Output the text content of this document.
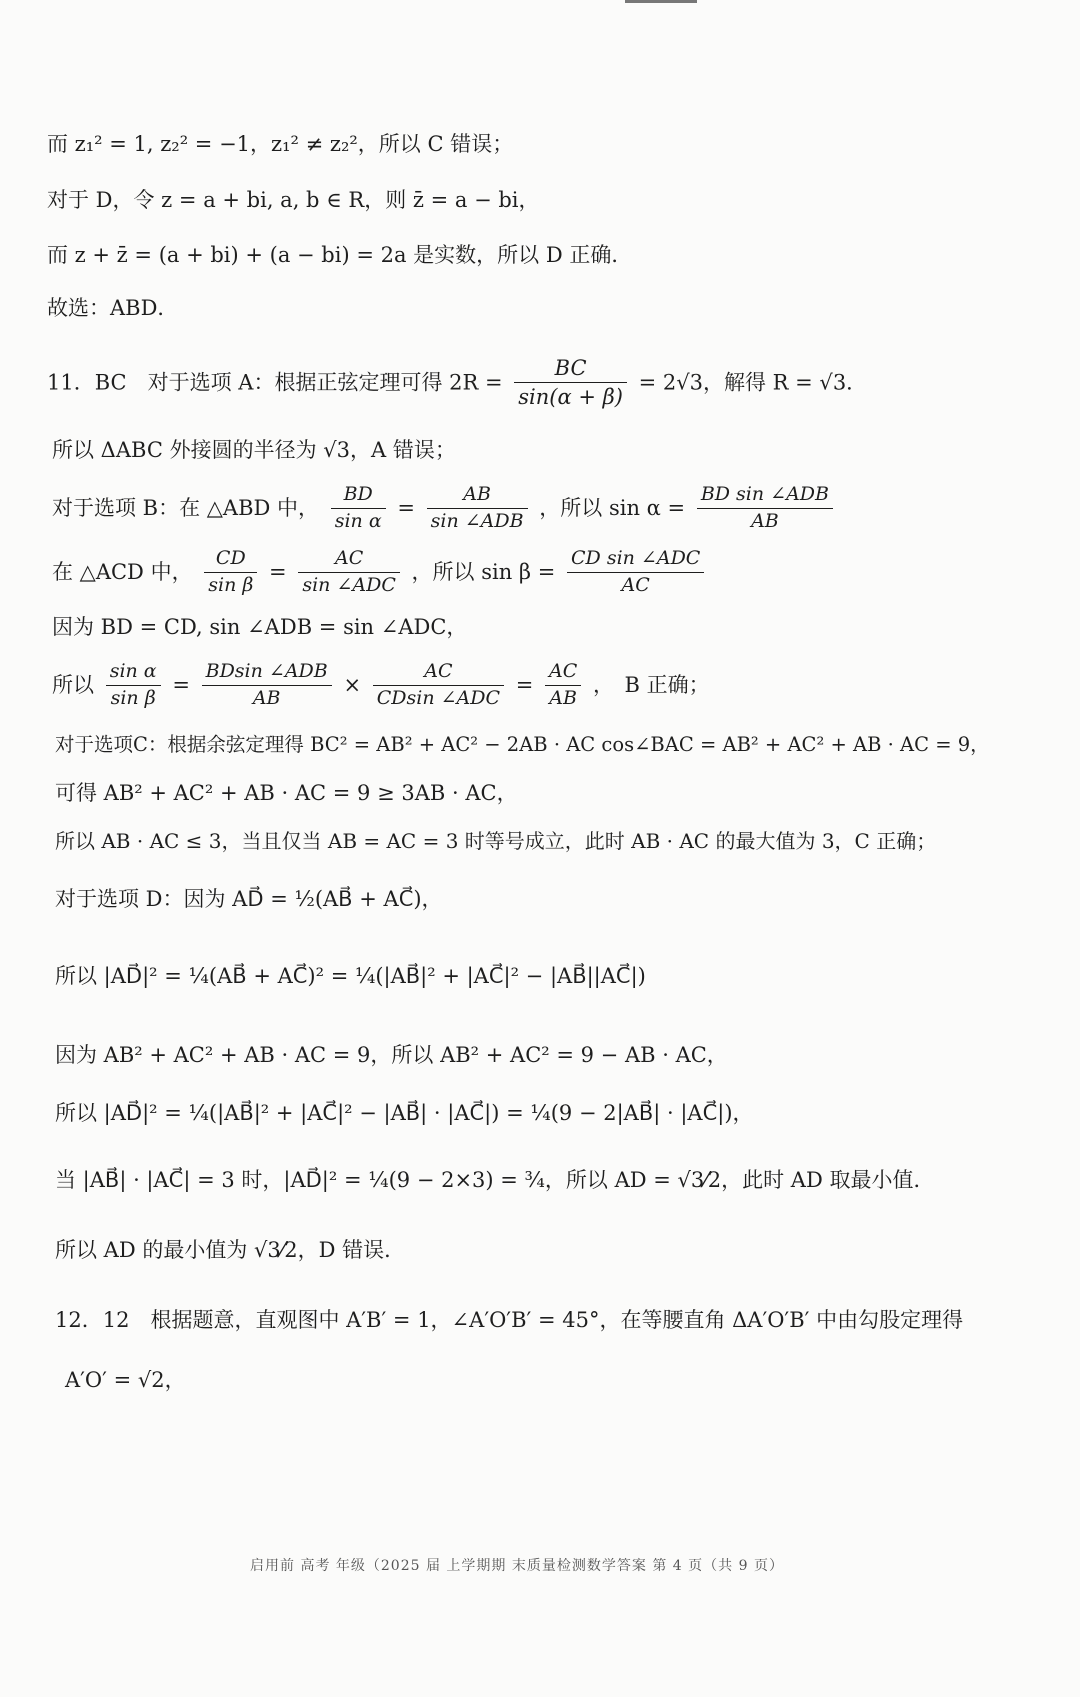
而 z₁² = 1, z₂² = −1，z₁² ≠ z₂²，所以 C 错误；
对于 D，令 z = a + bi, a, b ∈ R，则 z̄ = a − bi，
而 z + z̄ = (a + bi) + (a − bi) = 2a 是实数，所以 D 正确．
故选：ABD．
11．BC　对于选项 A：根据正弦定理可得 $2R = \frac{BC}{\sin(\alpha + \beta)} = 2√3$，解得 R = √3．
所以 ΔABC 外接圆的半径为 √3，A 错误；
对于选项 B：在 △ABD 中， $\frac{BD}{\text{sin α}} = \frac{AB}{\text{sin ∠ADB}}$ ，所以 $\sin \alpha = \frac{\text{BD sin ∠ADB}}{AB}$
在 △ACD 中， $\frac{CD}{\text{sin β}} = \frac{AC}{\text{sin ∠ADC}}$ ，所以 $\sin \beta = \frac{\text{CD sin ∠ADC}}{AC}$
因为 BD = CD, sin ∠ADB = sin ∠ADC，
所以 $\frac{\text{sin α}}{\text{sin β}} = \frac{\text{BDsin ∠ADB}}{AB} \times \frac{AC}{\text{CDsin ∠ADC}} = \frac{AC}{AB}$ ，　B 正确；
对于选项C：根据余弦定理得 BC² = AB² + AC² − 2AB · AC cos∠BAC = AB² + AC² + AB · AC = 9，
可得 AB² + AC² + AB · AC = 9 ≥ 3AB · AC，
所以 AB · AC ≤ 3，当且仅当 AB = AC = 3 时等号成立，此时 AB · AC 的最大值为 3，C 正确；
对于选项 D：因为 AD⃗ = ½(AB⃗ + AC⃗)，
所以 |AD⃗|² = ¼(AB⃗ + AC⃗)² = ¼(|AB⃗|² + |AC⃗|² − |AB⃗||AC⃗|)
因为 AB² + AC² + AB · AC = 9，所以 AB² + AC² = 9 − AB · AC，
所以 |AD⃗|² = ¼(|AB⃗|² + |AC⃗|² − |AB⃗| · |AC⃗|) = ¼(9 − 2|AB⃗| · |AC⃗|)，
当 |AB⃗| · |AC⃗| = 3 时，|AD⃗|² = ¼(9 − 2×3) = ¾，所以 AD = √3⁄2，此时 AD 取最小值．
所以 AD 的最小值为 √3⁄2，D 错误．
12．12　根据题意，直观图中 A′B′ = 1，∠A′O′B′ = 45°，在等腰直角 ΔA′O′B′ 中由勾股定理得
A′O′ = √2，
启用前 高考 年级（2025 届 上学期期 末质量检测数学答案 第 4 页（共 9 页）
